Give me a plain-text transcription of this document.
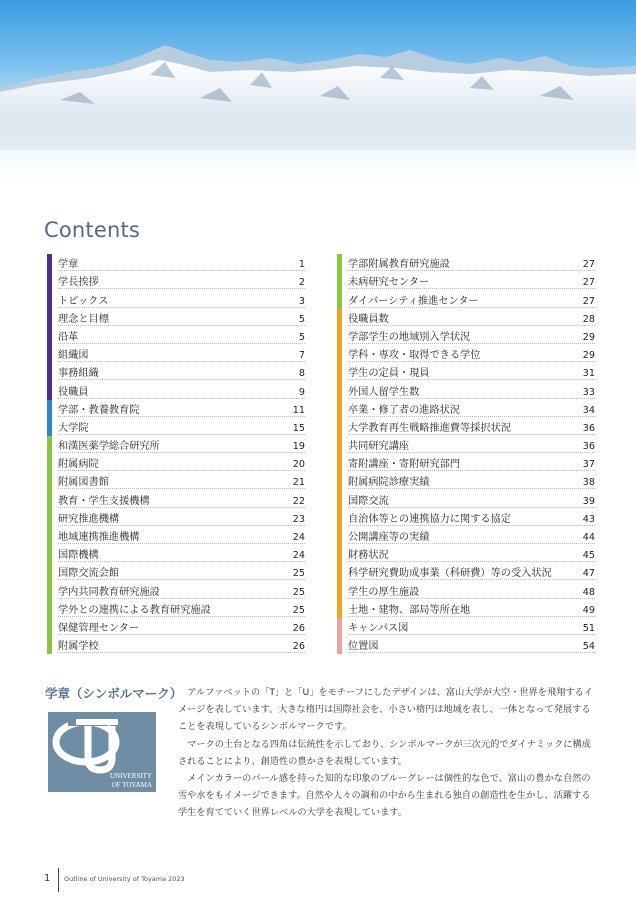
Contents
学章	1
学長挨拶	2
トピックス	3
理念と目標	5
沿革	5
組織図	7
事務組織	8
役職員	9
学部・教養教育院	11
大学院	15
和漢医薬学総合研究所	19
附属病院	20
附属図書館	21
教育・学生支援機構	22
研究推進機構	23
地域連携推進機構	24
国際機構	24
国際交流会館	25
学内共同教育研究施設	25
学外との連携による教育研究施設	25
保健管理センター	26
附属学校	26
学部附属教育研究施設	27
未病研究センター	27
ダイバーシティ推進センター	27
役職員数	28
学部学生の地域別入学状況	29
学科・専攻・取得できる学位	29
学生の定員・現員	31
外国人留学生数	33
卒業・修了者の進路状況	34
大学教育再生戦略推進費等採択状況	36
共同研究講座	36
寄附講座・寄附研究部門	37
附属病院診療実績	38
国際交流	39
自治体等との連携協力に関する協定	43
公開講座等の実績	44
財務状況	45
科学研究費助成事業（科研費）等の受入状況	47
学生の厚生施設	48
土地・建物、部局等所在地	49
キャンパス図	51
位置図	54
学章（シンボルマーク）
UNIVERSITY
OF TOYAMA

アルファベットの「T」と「U」をモチーフにしたデザインは、富山大学が大空・世界を飛翔するイメージを表しています。大きな楕円は国際社会を、小さい楕円は地域を表し、一体となって発展することを表現しているシンボルマークです。

マークの土台となる四角は伝統性を示しており、シンボルマークが三次元的でダイナミックに構成されることにより、創造性の豊かさを表現しています。

メインカラーのパール感を持った知的な印象のブルーグレーは個性的な色で、富山の豊かな自然の雪や水をもイメージできます。自然や人々の調和の中から生まれる独自の創造性を生かし、活躍する学生を育てていく世界レベルの大学を表現しています。

1 Outline of University of Toyama 2023
